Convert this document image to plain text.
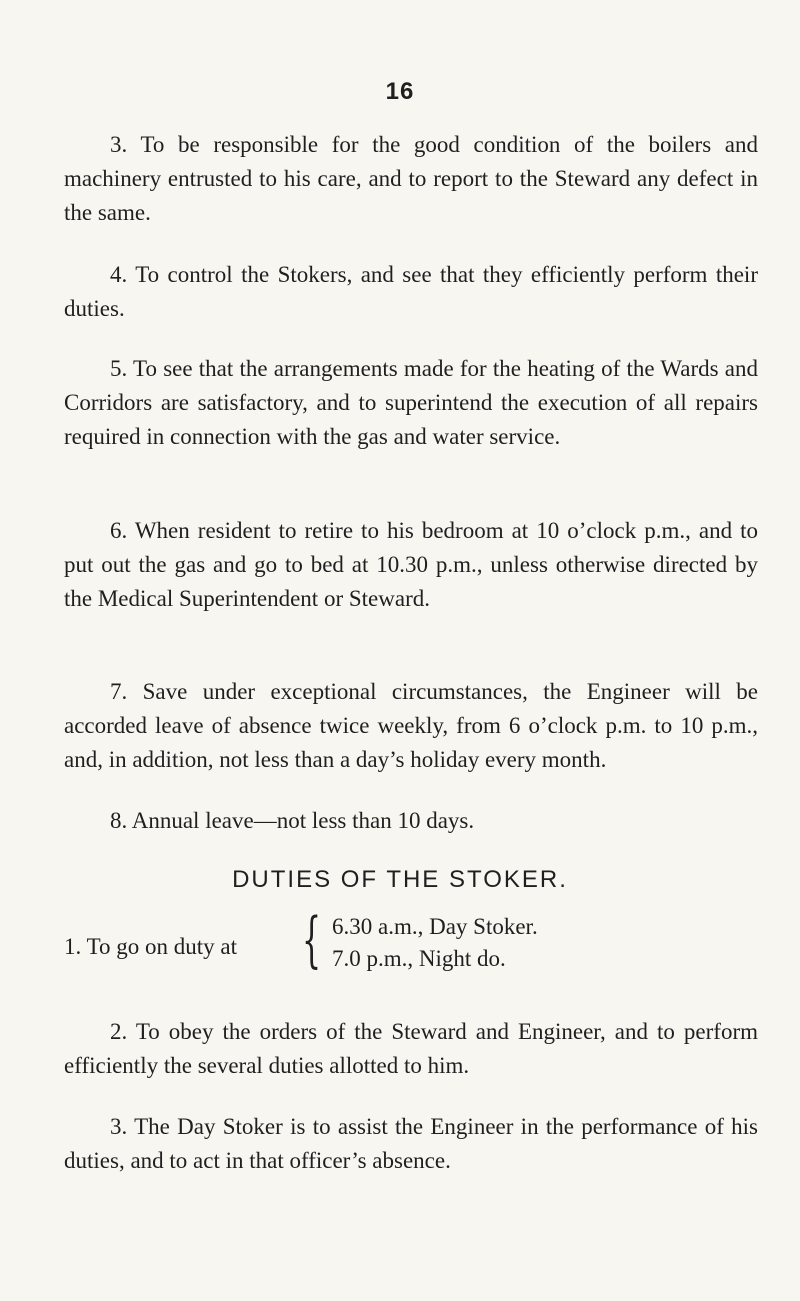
16

3. To be responsible for the good condition of the boilers and machinery entrusted to his care, and to report to the Steward any defect in the same.

4. To control the Stokers, and see that they efficiently perform their duties.

5. To see that the arrangements made for the heating of the Wards and Corridors are satisfactory, and to superintend the execution of all repairs required in connection with the gas and water service.

6. When resident to retire to his bedroom at 10 o’clock p.m., and to put out the gas and go to bed at 10.30 p.m., unless otherwise directed by the Medical Superintendent or Steward.

7. Save under exceptional circumstances, the Engineer will be accorded leave of absence twice weekly, from 6 o’clock p.m. to 10 p.m., and, in addition, not less than a day’s holiday every month.

8. Annual leave—not less than 10 days.

DUTIES OF THE STOKER.
1. To go on duty at { 6.30 a.m., Day Stoker.
7.0 p.m., Night do.

2. To obey the orders of the Steward and Engineer, and to perform efficiently the several duties allotted to him.

3. The Day Stoker is to assist the Engineer in the performance of his duties, and to act in that officer’s absence.
